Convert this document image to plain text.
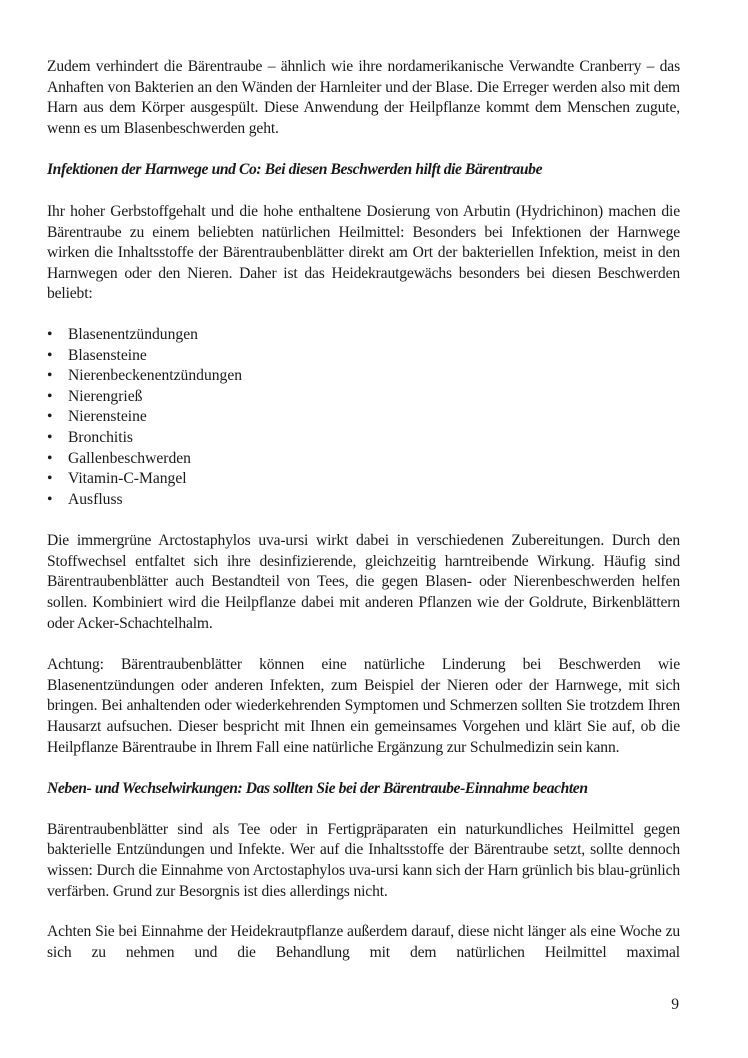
Zudem verhindert die Bärentraube – ähnlich wie ihre nordamerikanische Verwandte Cranberry – das Anhaften von Bakterien an den Wänden der Harnleiter und der Blase. Die Erreger werden also mit dem Harn aus dem Körper ausgespült. Diese Anwendung der Heilpflanze kommt dem Menschen zugute, wenn es um Blasenbeschwerden geht.

Infektionen der Harnwege und Co: Bei diesen Beschwerden hilft die Bärentraube

Ihr hoher Gerbstoffgehalt und die hohe enthaltene Dosierung von Arbutin (Hydrichinon) machen die Bärentraube zu einem beliebten natürlichen Heilmittel: Besonders bei Infektionen der Harnwege wirken die Inhaltsstoffe der Bärentraubenblätter direkt am Ort der bakteriellen Infektion, meist in den Harnwegen oder den Nieren. Daher ist das Heidekrautgewächs besonders bei diesen Beschwerden beliebt:

• Blasenentzündungen
• Blasensteine
• Nierenbeckenentzündungen
• Nierengrieß
• Nierensteine
• Bronchitis
• Gallenbeschwerden
• Vitamin-C-Mangel
• Ausfluss

Die immergrüne Arctostaphylos uva-ursi wirkt dabei in verschiedenen Zubereitungen. Durch den Stoffwechsel entfaltet sich ihre desinfizierende, gleichzeitig harntreibende Wirkung. Häufig sind Bärentraubenblätter auch Bestandteil von Tees, die gegen Blasen- oder Nierenbeschwerden helfen sollen. Kombiniert wird die Heilpflanze dabei mit anderen Pflanzen wie der Goldrute, Birkenblättern oder Acker-Schachtelhalm.

Achtung: Bärentraubenblätter können eine natürliche Linderung bei Beschwerden wie Blasenentzündungen oder anderen Infekten, zum Beispiel der Nieren oder der Harnwege, mit sich bringen. Bei anhaltenden oder wiederkehrenden Symptomen und Schmerzen sollten Sie trotzdem Ihren Hausarzt aufsuchen. Dieser bespricht mit Ihnen ein gemeinsames Vorgehen und klärt Sie auf, ob die Heilpflanze Bärentraube in Ihrem Fall eine natürliche Ergänzung zur Schulmedizin sein kann.

Neben- und Wechselwirkungen: Das sollten Sie bei der Bärentraube-Einnahme beachten

Bärentraubenblätter sind als Tee oder in Fertigpräparaten ein naturkundliches Heilmittel gegen bakterielle Entzündungen und Infekte. Wer auf die Inhaltsstoffe der Bärentraube setzt, sollte dennoch wissen: Durch die Einnahme von Arctostaphylos uva-ursi kann sich der Harn grünlich bis blau-grünlich verfärben. Grund zur Besorgnis ist dies allerdings nicht.

Achten Sie bei Einnahme der Heidekrautpflanze außerdem darauf, diese nicht länger als eine Woche zu sich zu nehmen und die Behandlung mit dem natürlichen Heilmittel maximal

9
